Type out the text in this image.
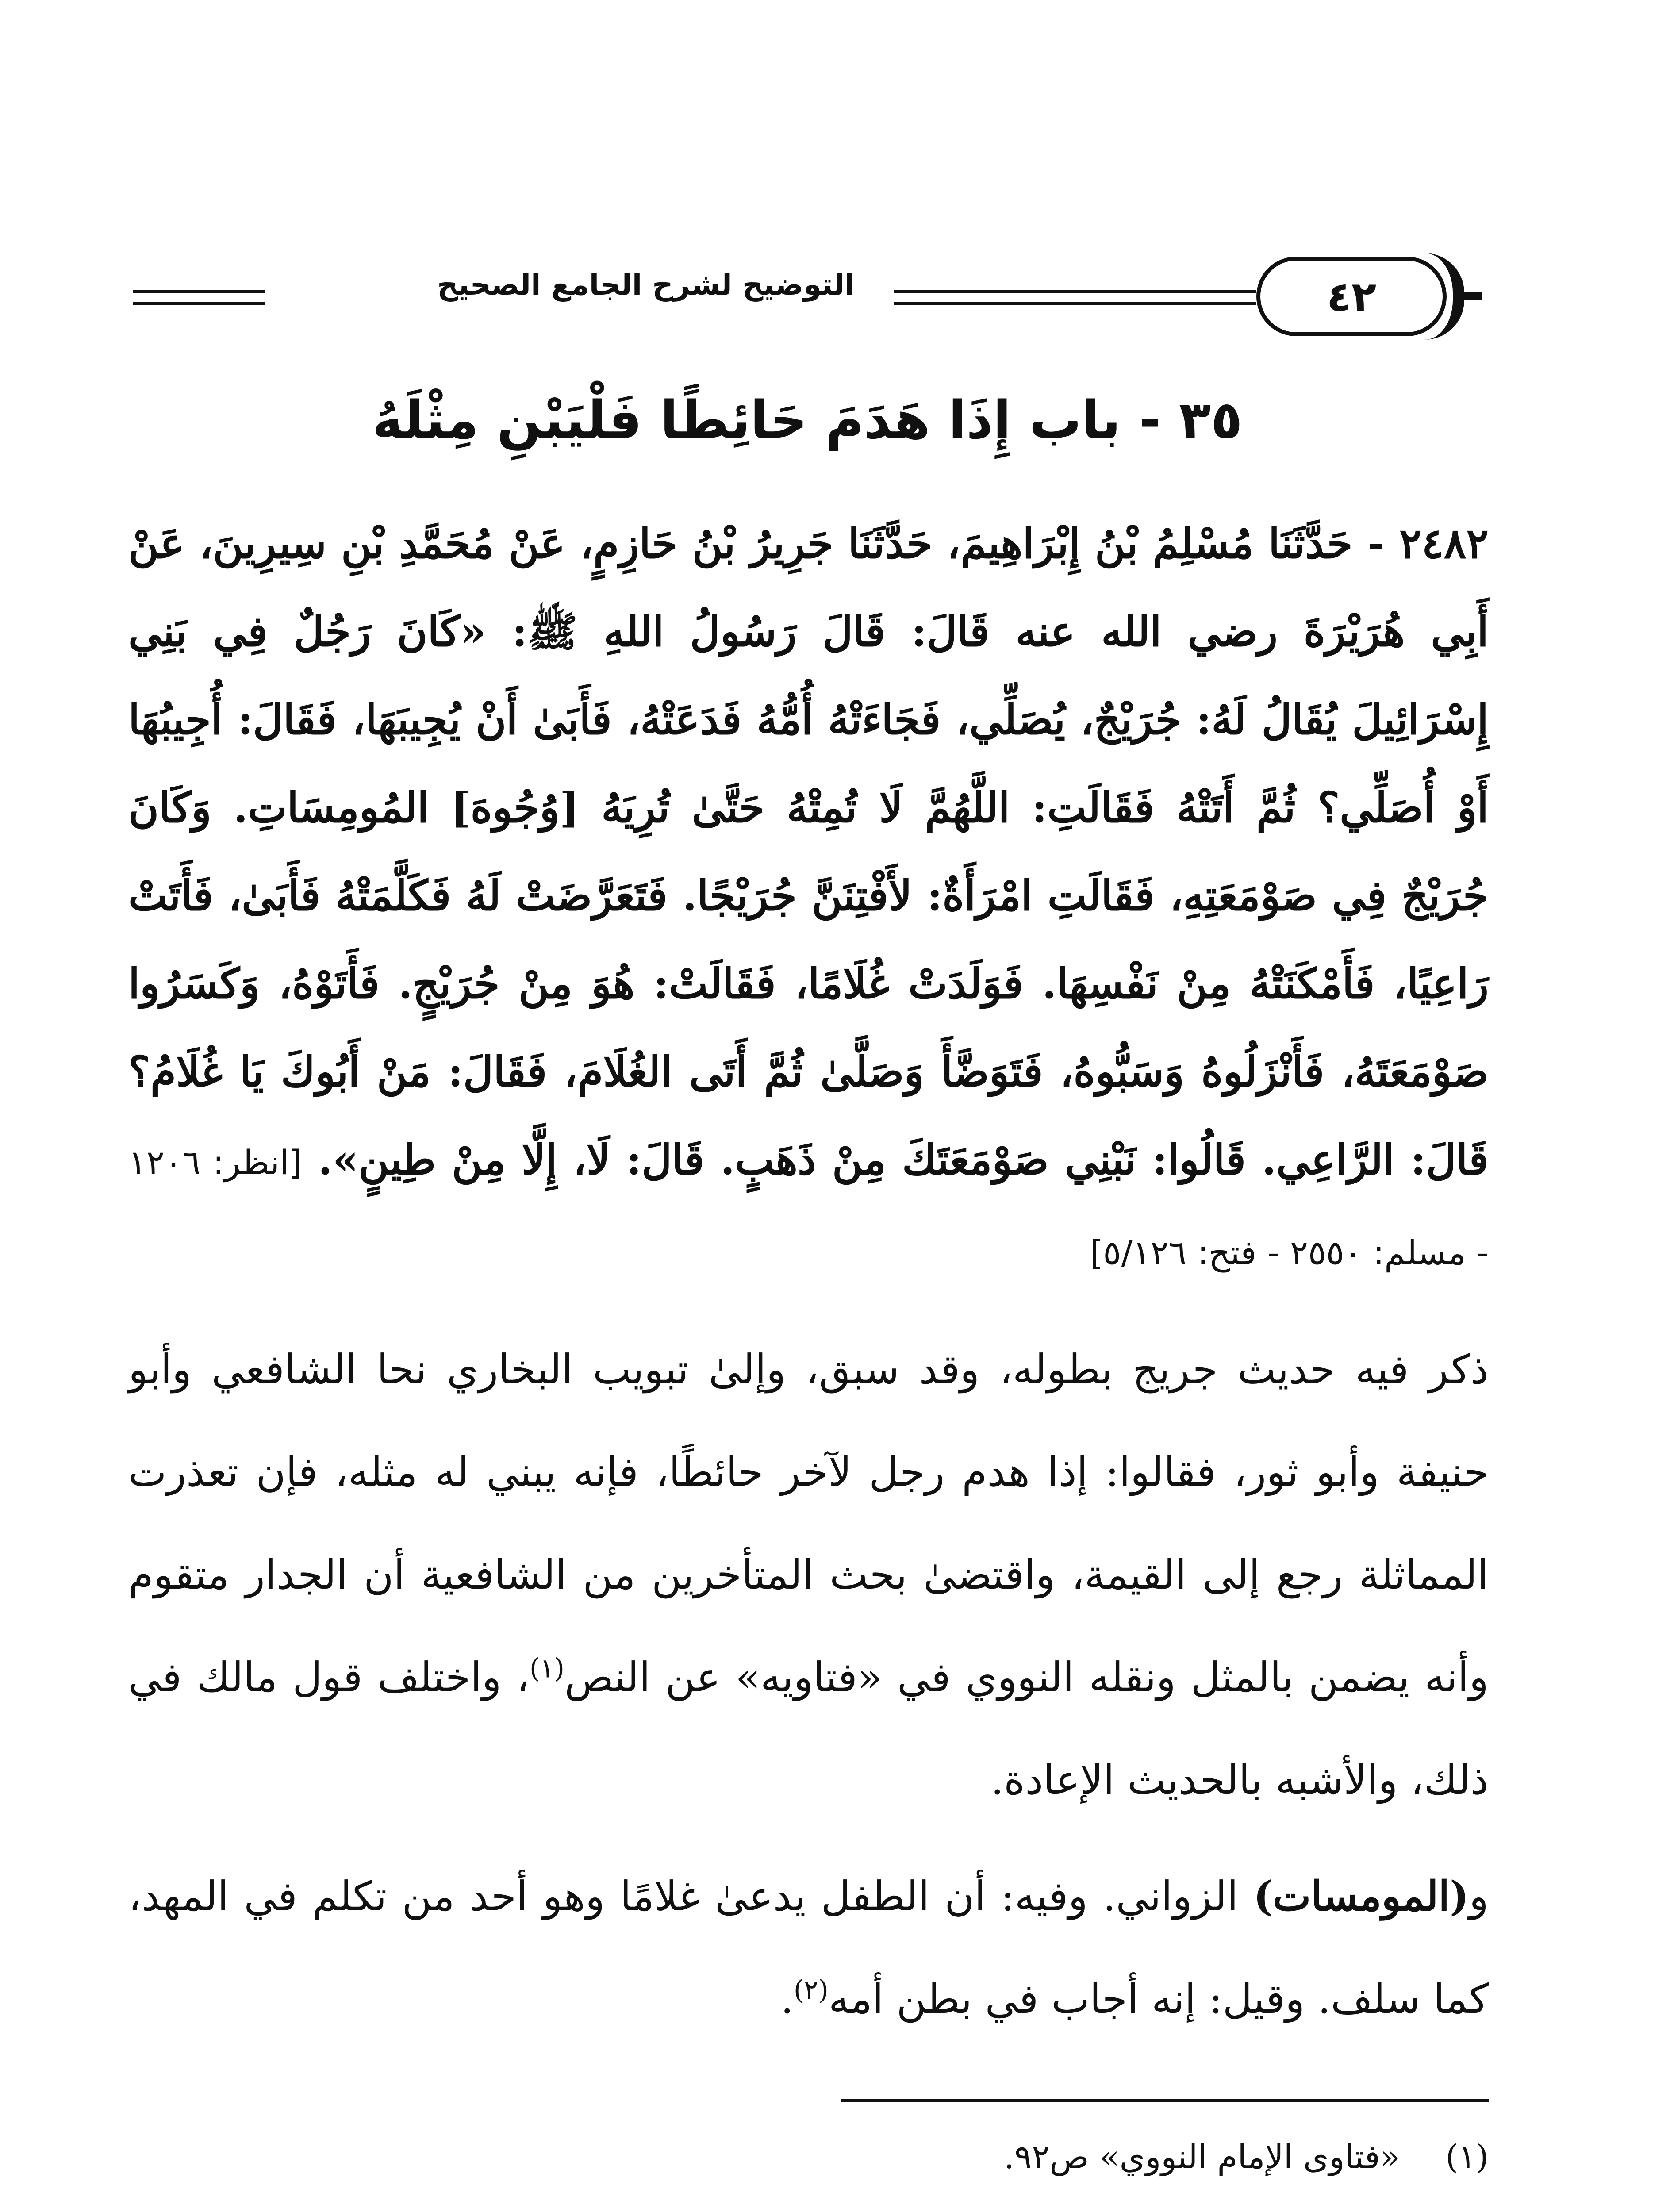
التوضيح لشرح الجامع الصحيح	٤٢
٣٥ - باب إِذَا هَدَمَ حَائِطًا فَلْيَبْنِ مِثْلَهُ
٢٤٨٢ - حَدَّثَنَا مُسْلِمُ بْنُ إِبْرَاهِيمَ، حَدَّثَنَا جَرِيرُ بْنُ حَازِمٍ، عَنْ مُحَمَّدِ بْنِ سِيرِينَ، عَنْ أَبِي هُرَيْرَةَ رضي الله عنه قَالَ: قَالَ رَسُولُ اللهِ ﷺ: «كَانَ رَجُلٌ فِي بَنِي إِسْرَائِيلَ يُقَالُ لَهُ: جُرَيْجٌ، يُصَلِّي، فَجَاءَتْهُ أُمُّهُ فَدَعَتْهُ، فَأَبَىٰ أَنْ يُجِيبَهَا، فَقَالَ: أُجِيبُهَا أَوْ أُصَلِّي؟ ثُمَّ أَتَتْهُ فَقَالَتِ: اللَّهُمَّ لَا تُمِتْهُ حَتَّىٰ تُرِيَهُ [وُجُوهَ] المُومِسَاتِ. وَكَانَ جُرَيْجٌ فِي صَوْمَعَتِهِ، فَقَالَتِ امْرَأَةٌ: لأَفْتِنَنَّ جُرَيْجًا. فَتَعَرَّضَتْ لَهُ فَكَلَّمَتْهُ فَأَبَىٰ، فَأَتَتْ رَاعِيًا، فَأَمْكَنَتْهُ مِنْ نَفْسِهَا. فَوَلَدَتْ غُلَامًا، فَقَالَتْ: هُوَ مِنْ جُرَيْجٍ. فَأَتَوْهُ، وَكَسَرُوا صَوْمَعَتَهُ، فَأَنْزَلُوهُ وَسَبُّوهُ، فَتَوَضَّأَ وَصَلَّىٰ ثُمَّ أَتَى الغُلَامَ، فَقَالَ: مَنْ أَبُوكَ يَا غُلَامُ؟ قَالَ: الرَّاعِي. قَالُوا: نَبْنِي صَوْمَعَتَكَ مِنْ ذَهَبٍ. قَالَ: لَا، إِلَّا مِنْ طِينٍ». [انظر: ١٢٠٦ - مسلم: ٢٥٥٠ - فتح: ٥/١٢٦]

ذكر فيه حديث جريج بطوله، وقد سبق، وإلىٰ تبويب البخاري نحا الشافعي وأبو حنيفة وأبو ثور، فقالوا: إذا هدم رجل لآخر حائطًا، فإنه يبني له مثله، فإن تعذرت المماثلة رجع إلى القيمة، واقتضىٰ بحث المتأخرين من الشافعية أن الجدار متقوم وأنه يضمن بالمثل ونقله النووي في «فتاويه» عن النص$^{(١)}$، واختلف قول مالك في ذلك، والأشبه بالحديث الإعادة.

و(المومسات) الزواني. وفيه: أن الطفل يدعىٰ غلامًا وهو أحد من تكلم في المهد، كما سلف. وقيل: إنه أجاب في بطن أمه$^{(٢)}$.

(١)
«فتاوى الإمام النووي» ص٩٢.
